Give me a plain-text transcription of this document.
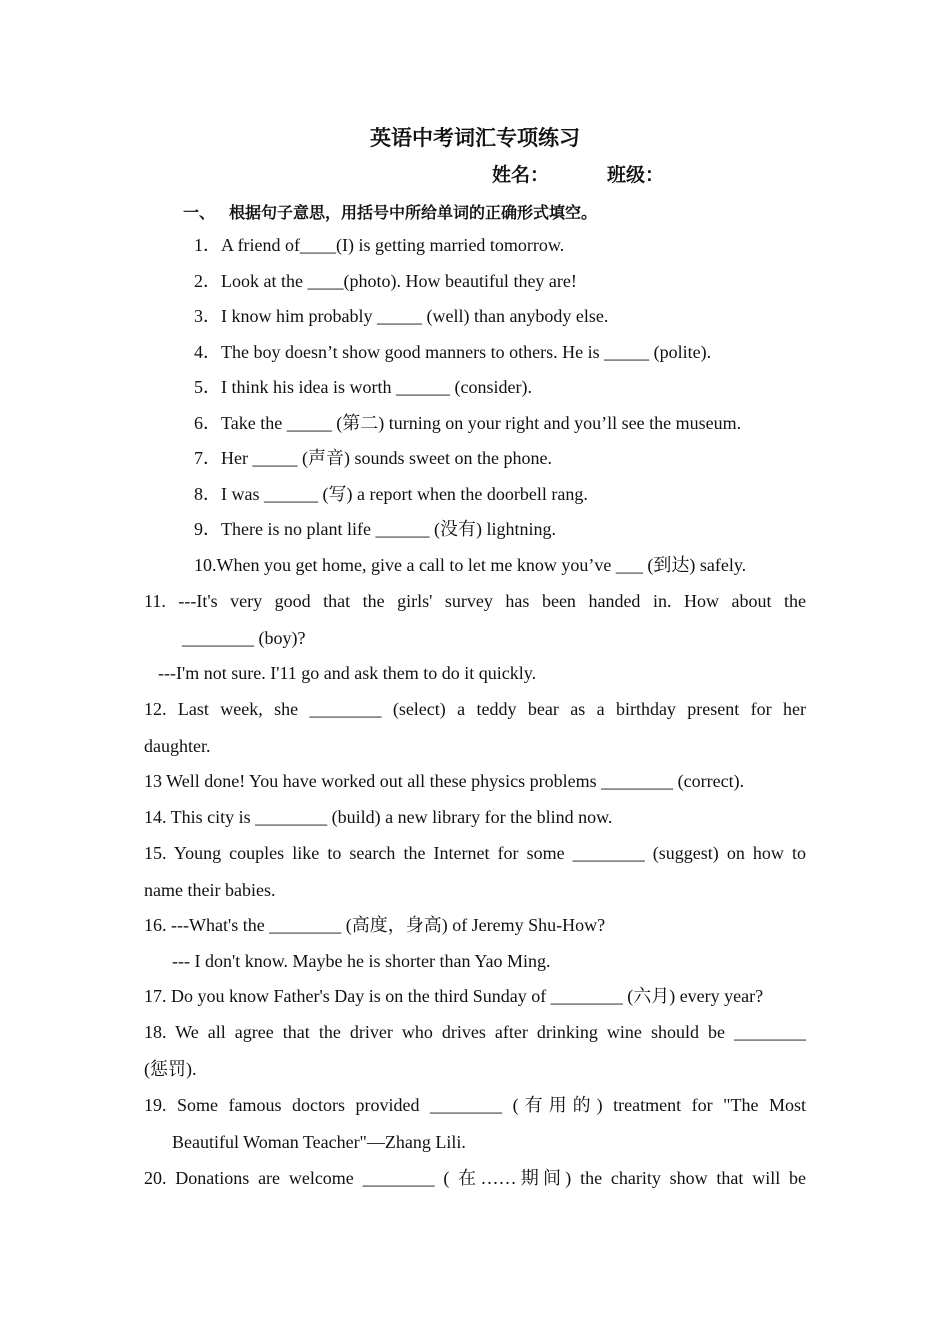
英语中考词汇专项练习
姓名：	班级：
一、 根据句子意思，用括号中所给单词的正确形式填空。
1．A friend of____(I) is getting married tomorrow.
2．Look at the ____(photo). How beautiful they are!
3．I know him probably _____ (well) than anybody else.
4．The boy doesn’t show good manners to others. He is _____ (polite).
5．I think his idea is worth ______ (consider).
6．Take the _____ (第二) turning on your right and you’ll see the museum.
7．Her _____ (声音) sounds sweet on the phone.
8．I was ______ (写) a report when the doorbell rang.
9．There is no plant life ______ (没有) lightning.
10.When you get home, give a call to let me know you’ve ___ (到达) safely.
11. ---It's very good that the girls' survey has been handed in. How about the
________ (boy)?
---I'm not sure. I'11 go and ask them to do it quickly.
12. Last week, she ________ (select) a teddy bear as a birthday present for her
daughter.
13 Well done! You have worked out all these physics problems ________ (correct).
14. This city is ________ (build) a new library for the blind now.
15. Young couples like to search the Internet for some ________ (suggest) on how to
name their babies.
16. ---What's the ________ (高度，身高) of Jeremy Shu-How?
--- I don't know. Maybe he is shorter than Yao Ming.
17. Do you know Father's Day is on the third Sunday of ________ (六月) every year?
18. We all agree that the driver who drives after drinking wine should be ________
(惩罚).
19. Some famous doctors provided ________ (有用的) treatment for "The Most
Beautiful Woman Teacher"—Zhang Lili.
20. Donations are welcome ________ ( 在……期间) the charity show that will be
